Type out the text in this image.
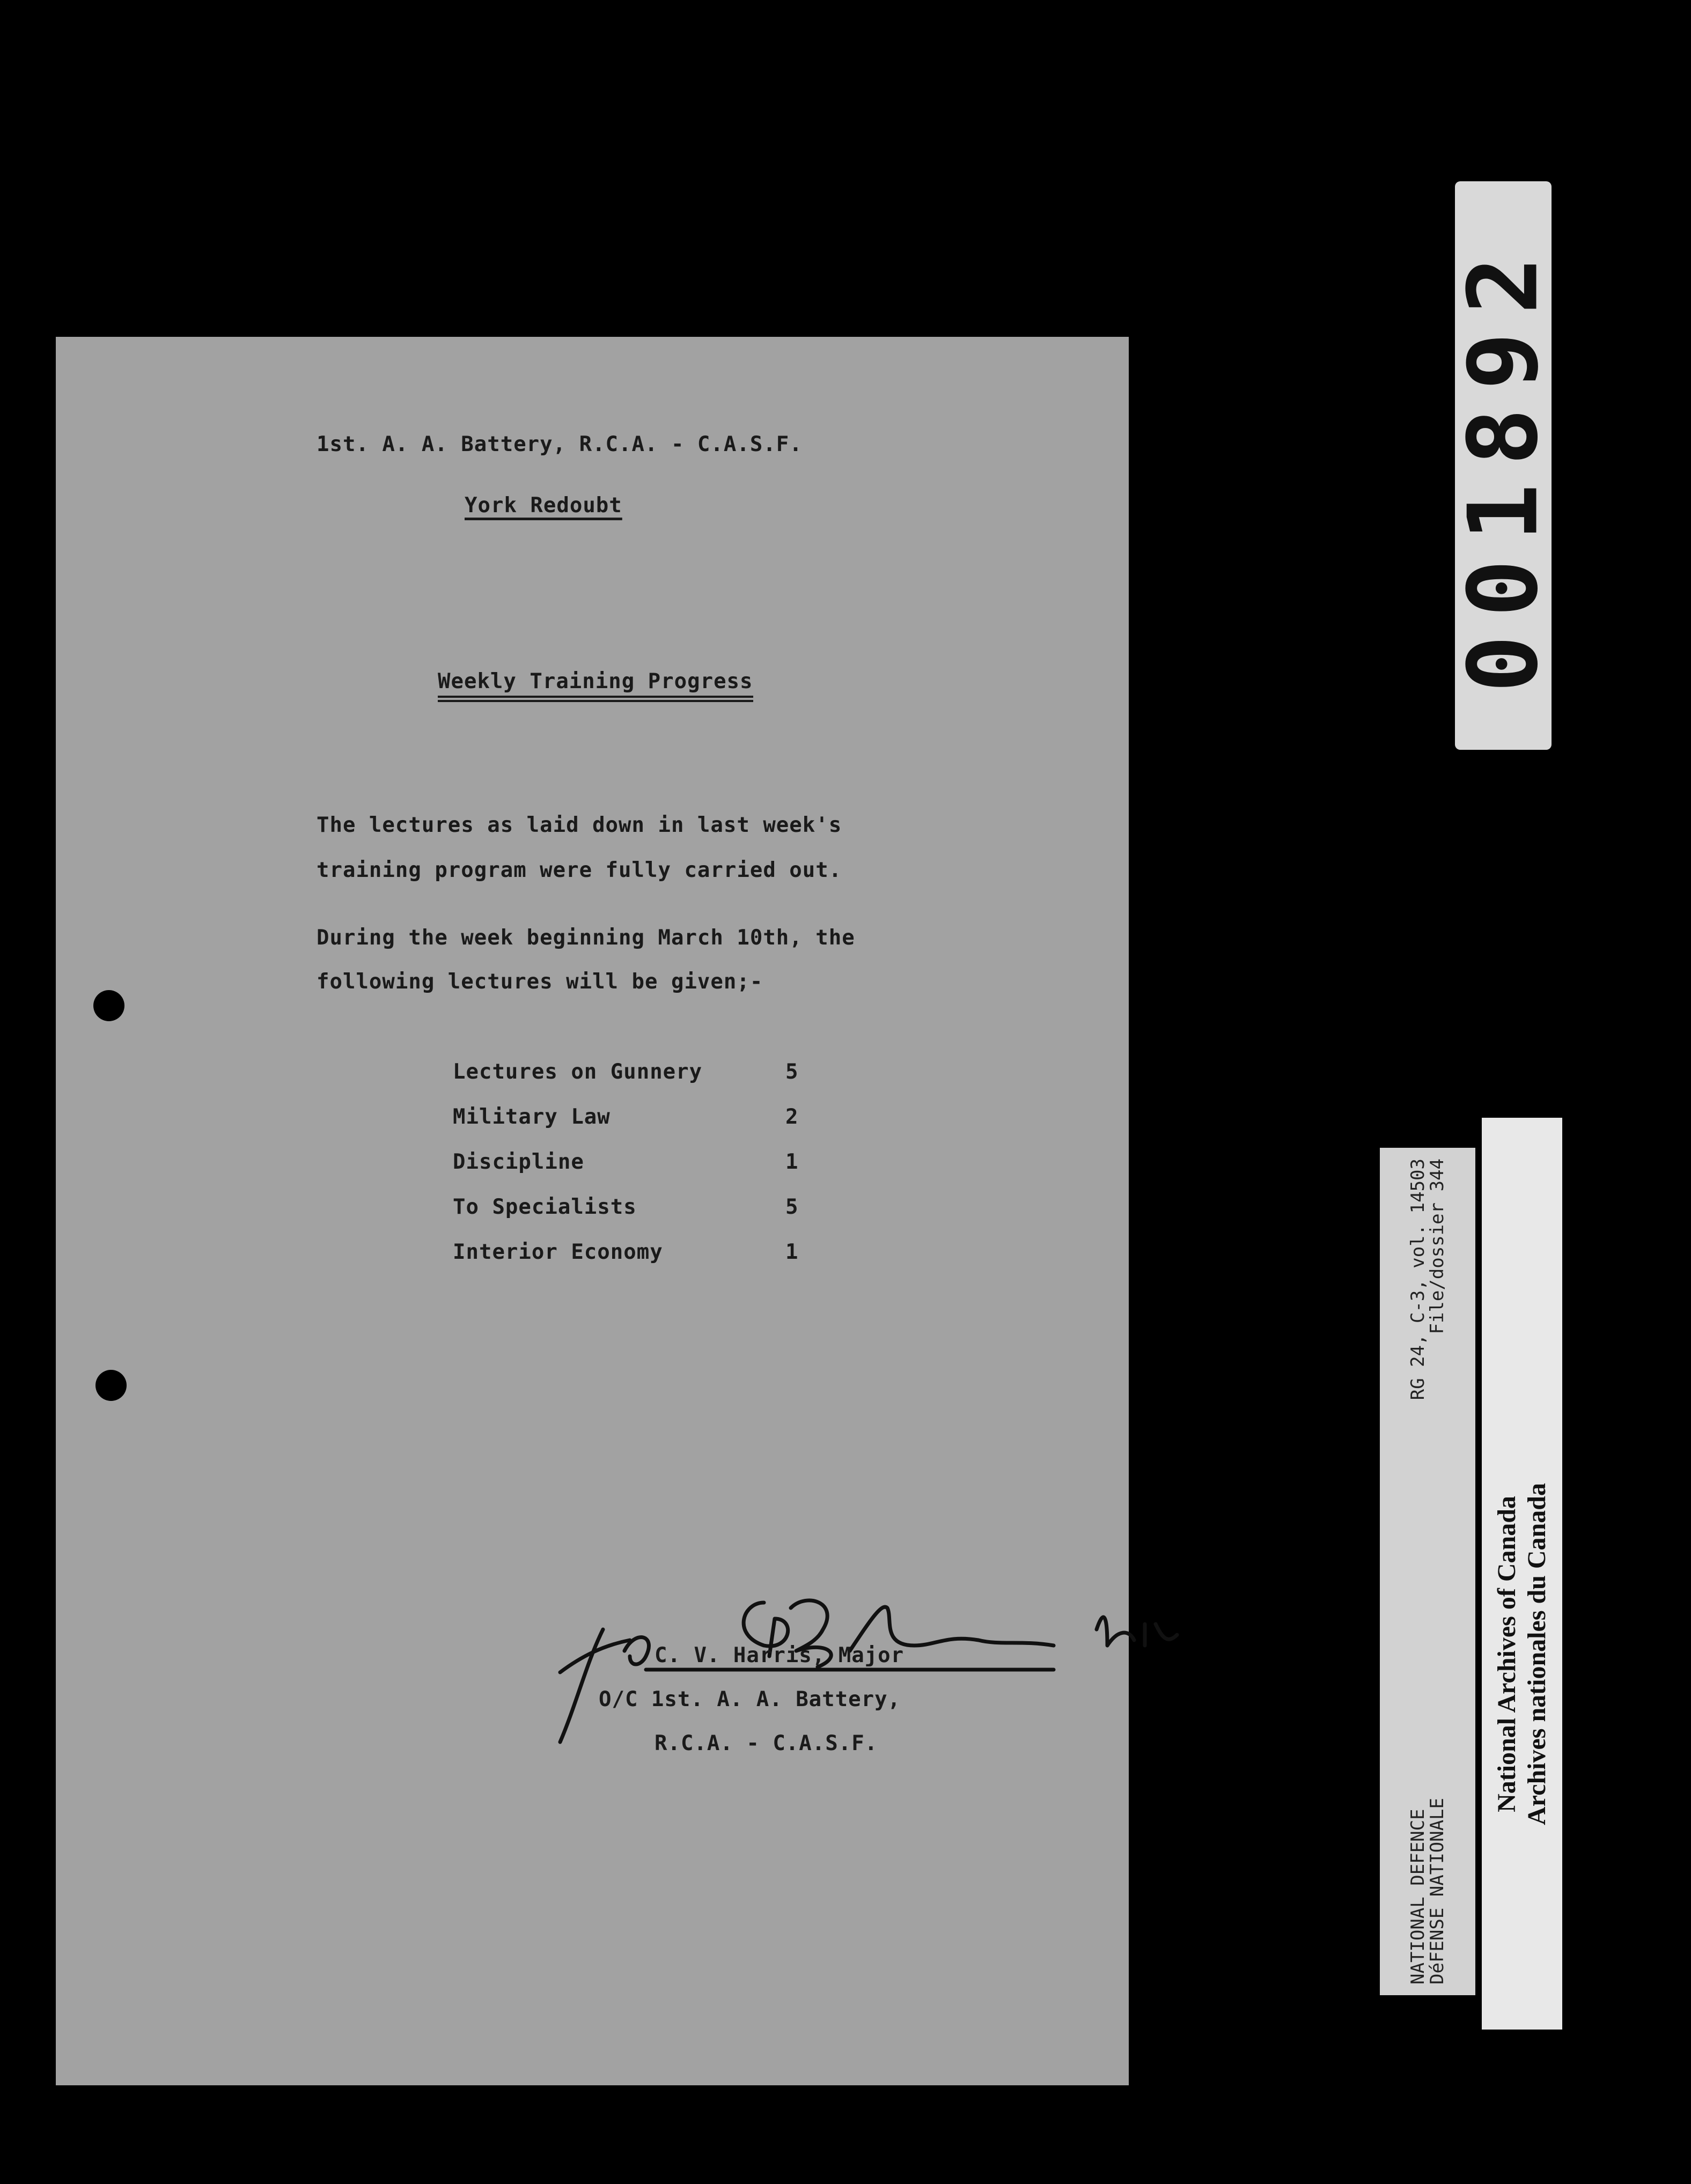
1st. A. A. Battery, R.C.A. - C.A.S.F.
York Redoubt
Weekly Training Progress
The lectures as laid down in last week's
training program were fully carried out.
During the week beginning March 10th, the
following lectures will be given;-
Lectures on Gunnery	5
Military Law	2
Discipline	1
To Specialists	5
Interior Economy	1
C. V. Harris, Major
O/C 1st. A. A. Battery,
R.C.A. - C.A.S.F.
001892
NATIONAL DEFENCE
RG 24, C-3, vol. 14503
DéFENSE NATIONALE
File/dossier 344
National Archives of Canada Archives nationales du Canada
